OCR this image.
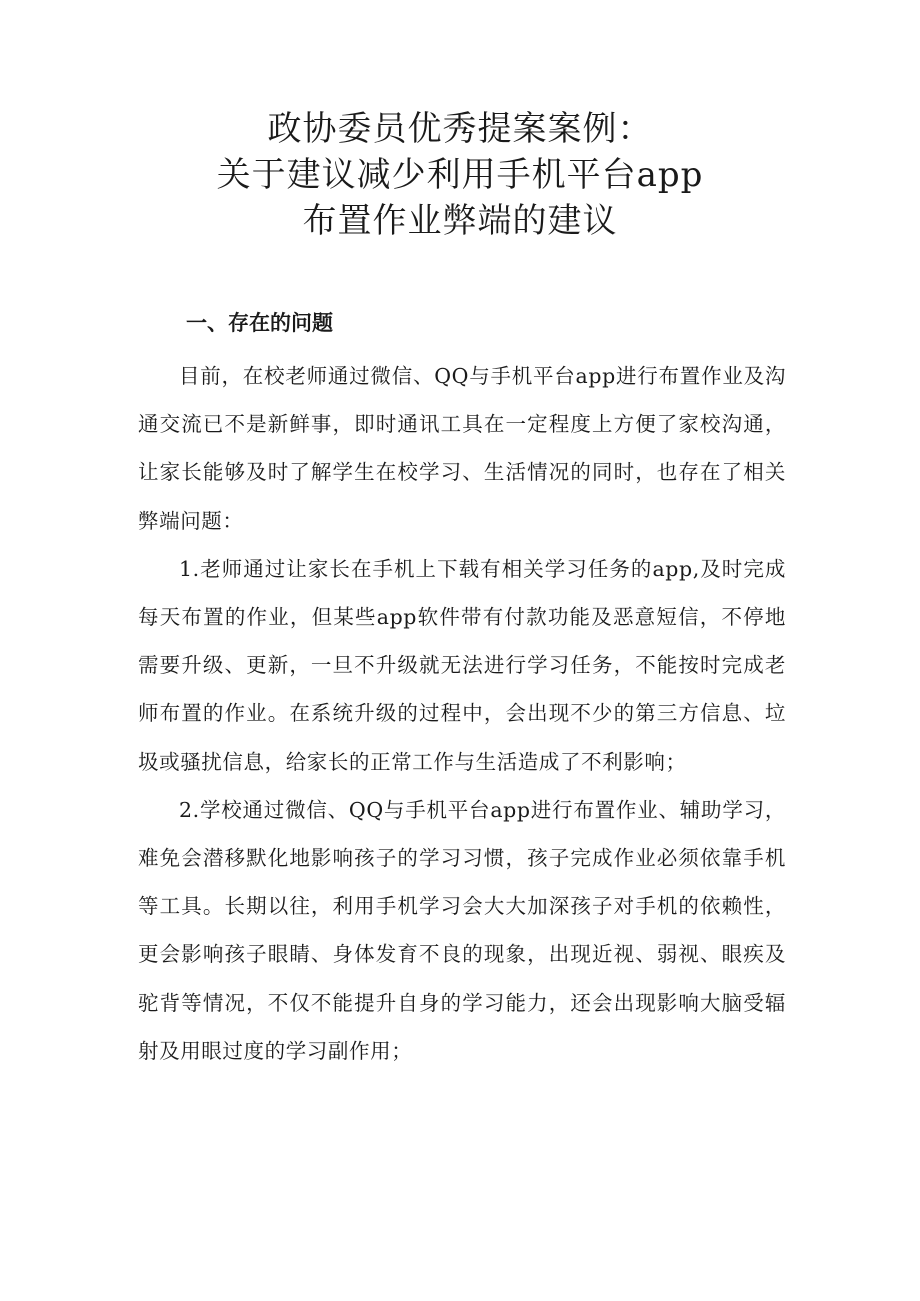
政协委员优秀提案案例：
关于建议减少利用手机平台app
布置作业弊端的建议
一、存在的问题

目前，在校老师通过微信、QQ与手机平台app进行布置作业及沟通交流已不是新鲜事，即时通讯工具在一定程度上方便了家校沟通，让家长能够及时了解学生在校学习、生活情况的同时，也存在了相关弊端问题：

1.老师通过让家长在手机上下载有相关学习任务的app,及时完成每天布置的作业，但某些app软件带有付款功能及恶意短信，不停地需要升级、更新，一旦不升级就无法进行学习任务，不能按时完成老师布置的作业。在系统升级的过程中，会出现不少的第三方信息、垃圾或骚扰信息，给家长的正常工作与生活造成了不利影响；

2.学校通过微信、QQ与手机平台app进行布置作业、辅助学习，难免会潜移默化地影响孩子的学习习惯，孩子完成作业必须依靠手机等工具。长期以往，利用手机学习会大大加深孩子对手机的依赖性，更会影响孩子眼睛、身体发育不良的现象，出现近视、弱视、眼疾及驼背等情况，不仅不能提升自身的学习能力，还会出现影响大脑受辐射及用眼过度的学习副作用；
